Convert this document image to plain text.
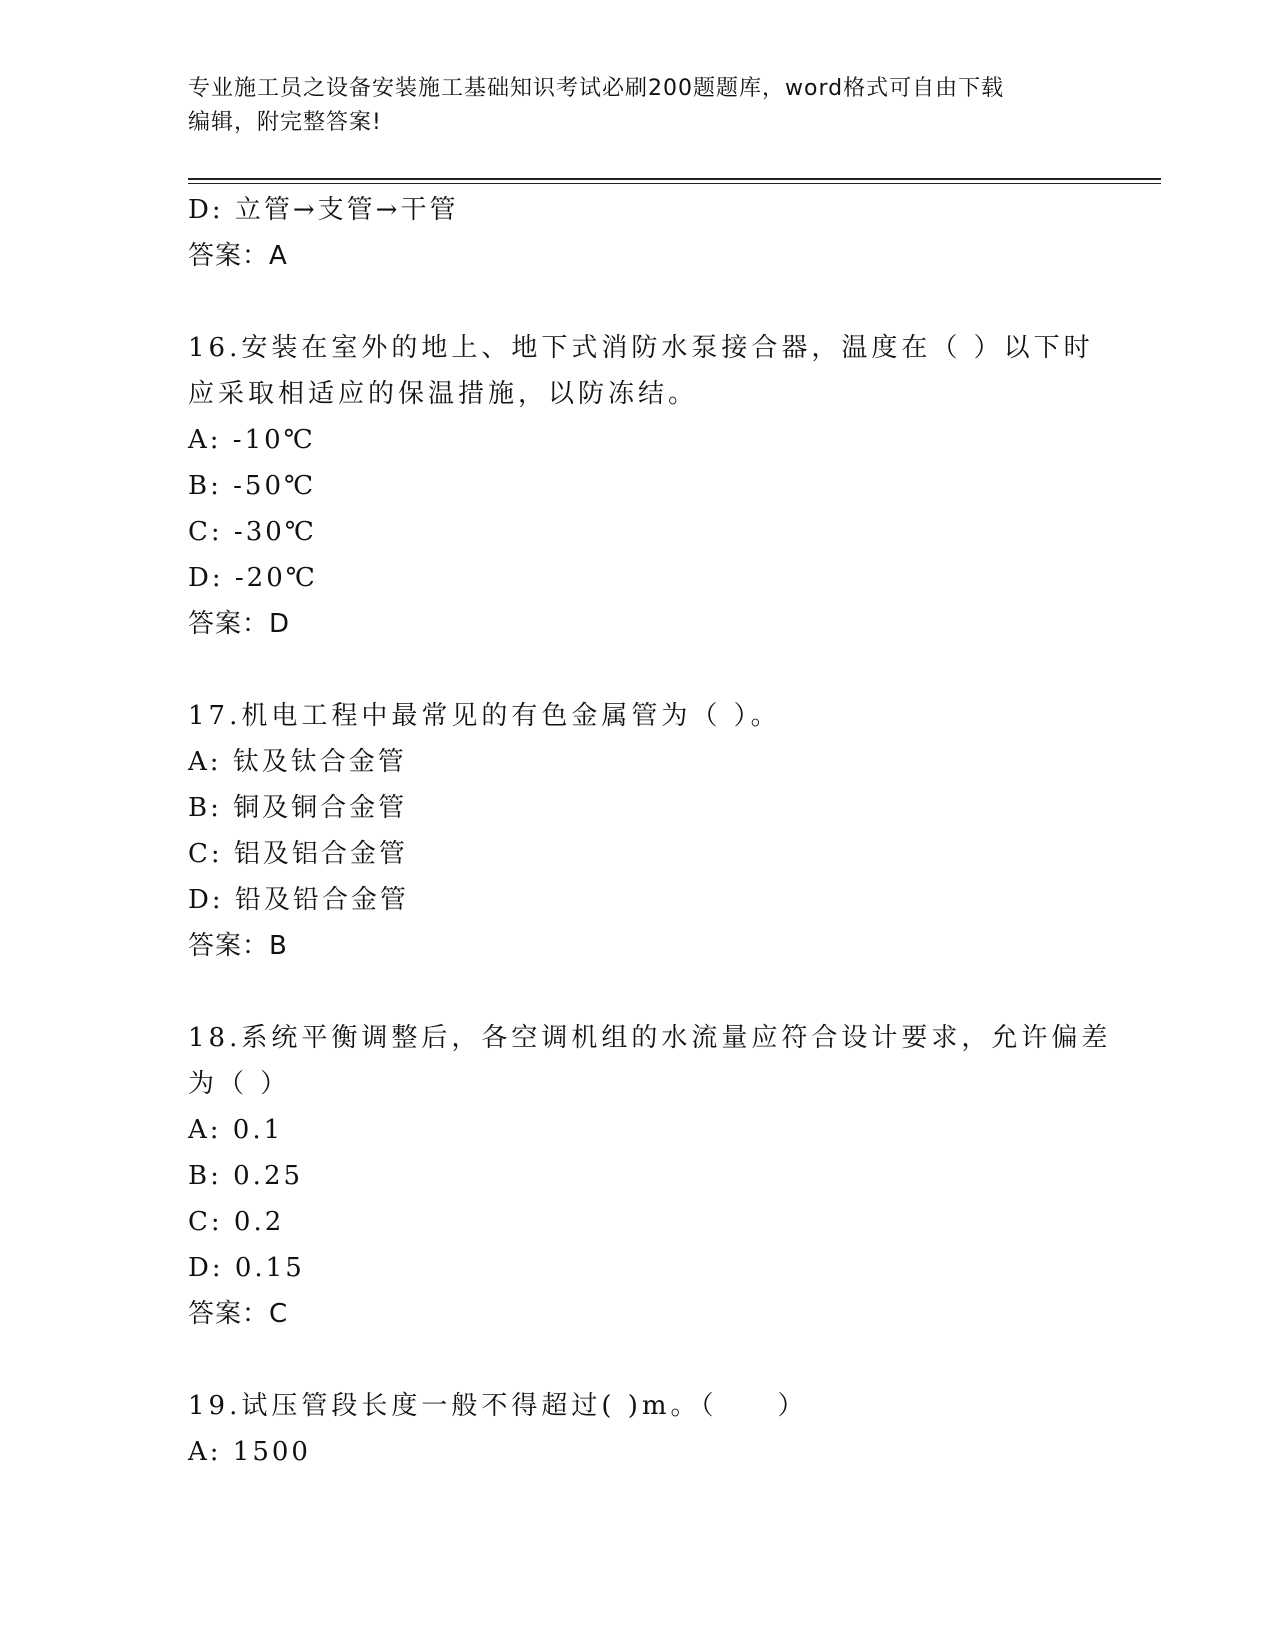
专业施工员之设备安装施工基础知识考试必刷200题题库，word格式可自由下载
编辑，附完整答案!
D: 立管→支管→干管
答案：A
16.安装在室外的地上、地下式消防水泵接合器，温度在（ ）以下时
应采取相适应的保温措施，以防冻结。
A: -10℃
B: -50℃
C: -30℃
D: -20℃
答案：D
17.机电工程中最常见的有色金属管为（ ）。
A: 钛及钛合金管
B: 铜及铜合金管
C: 铝及铝合金管
D: 铅及铅合金管
答案：B
18.系统平衡调整后，各空调机组的水流量应符合设计要求，允许偏差
为（ ）
A: 0.1
B: 0.25
C: 0.2
D: 0.15
答案：C
19.试压管段长度一般不得超过( )m。（　　）
A: 1500
